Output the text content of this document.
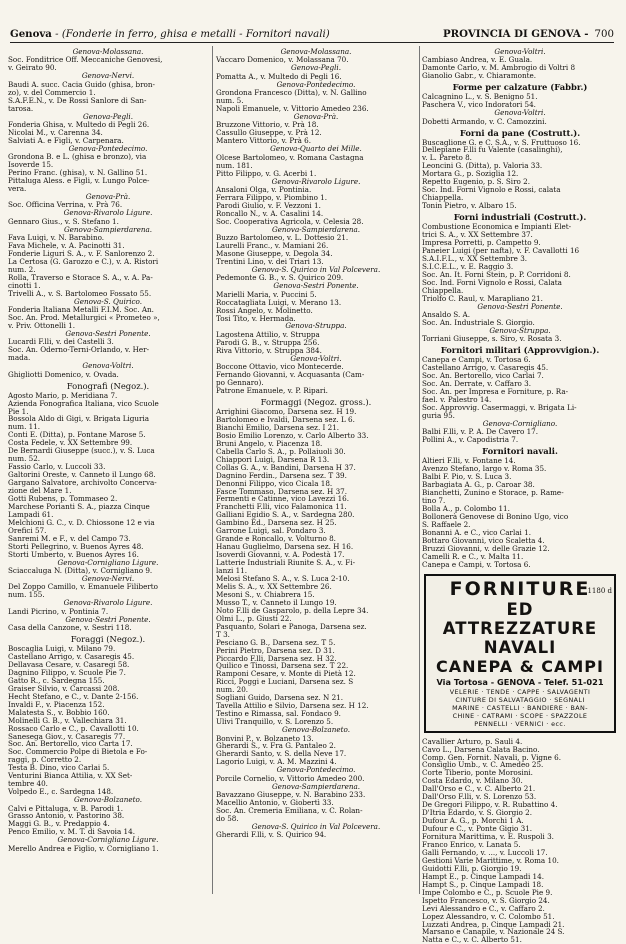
Genova - (Fonderie in ferro, ghisa e metalli - Fornitori navali)	PROVINCIA DI GENOVA - 700
Genova-Molassana.
Soc. Fonditrice Off. Meccaniche Genovesi,
v. Geirato 90.
Genova-Nervi.
Baudi A. succ. Cacia Guido (ghisa, bron-
zo), v. del Commercio 1.
S.A.F.E.N., v. De Rossi Sanlore di San-
tarosa.
Genova-Pegli.
Fonderia Ghisa, v. Multedo di Pegli 26.
Nicolai M., v. Carenna 34.
Salviati A. e Figli, v. Carpenara.
Genova-Pontedecimo.
Grondona B. e L. (ghisa e bronzo), via
Isoverde 15.
Perino Franc. (ghisa), v. N. Gallino 51.
Pittaluga Aless. e Figli, v. Lungo Polce-
vera.
Genova-Prà.
Soc. Officina Verrina, v. Prà 76.
Genova-Rivarolo Ligure.
Gennaro Gius., v. S. Stefano 1.
Genova-Sampierdarena.
Fava Luigi, v. N. Barabino.
Fava Michele, v. A. Pacinotti 31.
Fonderie Liguri S. A., v. F. Sanlorenzo 2.
La Certosa (G. Garozzo e C.), v. A. Ristori
num. 2.
Rolla, Traverso e Storace S. A., v. A. Pa-
cinotti 1.
Trivelli A., v. S. Bartolomeo Fossato 55.
Genova-S. Quirico.
Fonderia Italiana Metalli F.I.M. Soc. An.
Soc. An. Prod. Metallurgici « Prometeo »,
v. Priv. Ottonelli 1.
Genova-Sestri Ponente.
Lucardi F.lli, v. dei Castelli 3.
Soc. An. Oderno-Terni-Orlando, v. Her-
mada.
Genova-Voltri.
Ghigliotti Domenico, v. Ovada.
Fonografi (Negoz.).
Agosto Mario, p. Meridiana 7.
Azienda Fonografica Italiana, vico Scuole
Pie 1.
Bossola Aldo di Gigi, v. Brigata Liguria
num. 11.
Conti E. (Ditta), p. Fontane Marose 5.
Costa Fedele, v. XX Settembre 99.
De Bernardi Giuseppe (succ.), v. S. Luca
num. 52.
Fassio Carlo, v. Luccoli 33.
Galtorini Oreste, v. Canneto il Lungo 68.
Gargano Salvatore, archivolto Concerva-
zione del Mare 1.
Gotti Rubens, p. Tommaseo 2.
Marchese Porianti S. A., piazza Cinque
Lampadi 61.
Melchioni G. C., v. D. Chiossone 12 e via
Orefici 57.
Sanremi M. e F., v. del Campo 73.
Storti Pellegrino, v. Buenos Ayres 48.
Storti Umberto, v. Buenos Ayres 16.
Genova-Cornigliano Ligure.
Sciaccaluga N. (Ditta), v. Cornigliano 9.
Genova-Nervi.
Del Zoppo Camillo, v. Emanuele Filiberto
num. 155.
Genova-Rivarolo Ligure.
Landi Picrino, v. Pontinia 7.
Genova-Sestri Ponente.
Casa della Canzone, v. Sestri 118.
Foraggi (Negoz.).
Boscaglia Luigi, v. Milano 79.
Castellano Arrigo, v. Casaregis 45.
Dellavasa Cesare, v. Casaregi 58.
Dagnino Filippo, v. Scuole Pie 7.
Gatto R., c. Sardegna 155.
Graiser Silvio, v. Carcassi 208.
Hecht Stefano, e C., v. Dante 2-156.
Invaldi F., v. Piacenza 152.
Malatesta S., v. Bobbio 160.
Molinelli G. B., v. Vallechiara 31.
Rossaco Carlo e C., p. Cavallotti 10.
Sanesega Giov., v. Casaregis 77.
Soc. An. Bertorello, vico Carta 17.
Soc. Commercio Polpe di Bietola e Fo-
raggi, p. Corretto 2.
Testa B. Dino, vico Carlai 5.
Venturini Bianca Attilia, v. XX Set-
tembre 40.
Volpedo E., c. Sardegna 148.
Genova-Bolzaneto.
Calvi e Pittaluga, v. B. Parodi 1.
Grasso Antonio, v. Pastorino 38.
Maggi G. B., v. Predappio 4.
Penco Emilio, v. M. T. di Savoia 14.
Genova-Cornigliano Ligure.
Merello Andrea e Figlio, v. Cornigliano 1.
Genova-Molassana.
Vaccaro Domenico, v. Molassana 70.
Genova-Pegli.
Pomatta A., v. Multedo di Pegli 16.
Genova-Pontedecimo.
Grondona Francesco (Ditta), v. N. Gallino
num. 5.
Napoli Emanuele, v. Vittorio Amedeo 236.
Genova-Prà.
Bruzzone Vittorio, v. Prà 18.
Cassullo Giuseppe, v. Prà 12.
Mantero Vittorio, v. Prà 6.
Genova-Quarto dei Mille.
Olcese Bartolomeo, v. Romana Castagna
num. 181.
Pitto Filippo, v. G. Acerbi 1.
Genova-Rivarolo Ligure.
Ansaloni Olga, v. Pontinia.
Ferrara Filippo, v. Piombino 1.
Parodi Giulio, v. F. Vezzoni 1.
Roncallo N., v. A. Casalini 14.
Soc. Cooperativa Agricola, v. Celesia 28.
Genova-Sampierdarena.
Buzzo Bartolomeo, v. L. Dottesio 21.
Laurelli Franc., v. Mamiani 26.
Masone Giuseppe, v. Degola 34.
Trentini Lino, v. dei Triari 13.
Genova-S. Quirico in Val Polcevera.
Pedemonte G. B., v. S. Quirico 209.
Genova-Sestri Ponente.
Marielli Maria, v. Puccini 5.
Roccatagliata Luigi, v. Merano 13.
Rossi Angelo, v. Molinetto.
Tosi Tito, v. Hermada.
Genova-Struppa.
Lagostena Attilio, v. Struppa
Parodi G. B., v. Struppa 256.
Riva Vittorio, v. Struppa 384.
Genova-Voltri.
Boccone Ottavio, vico Montecerde.
Fernando Giovanni, v. Acquasanta (Cam-
po Gennaro).
Patrone Emanuele, v. P. Ripari.
Formaggi (Negoz. gross.).
Arrighini Giacomo, Darsena sez. H 19.
Bartolomeo e Ivaldi, Darsena sez. L 6.
Bianchi Emilio, Darsena sez. I 21.
Bosio Emilio Lorenzo, v. Carlo Alberto 33.
Bruni Angelo, v. Piacenza 18.
Cabella Carlo S. A., p. Pollaiuoli 30.
Chiappori Luigi, Darsena R 13.
Collas G. A., v. Bandini, Darsena H 37.
Dagnino Ferdin., Darsena sez. T 39.
Denonni Filippo, vico Cicala 18.
Fasce Tommaso, Darsena sez. H 37.
Fermenti e Catinne, vico Lavezzi 16.
Franchetti F.lli, vico Falamonica 11.
Galliani Egidio S. A., v. Sardegna 280.
Gambino Ed., Darsena sez. H 25.
Garrone Luigi, sal. Pondaro 3.
Grande e Roncallo, v. Volturno 8.
Hanau Guglielmo, Darsena sez. H 16.
Isoverdi Giovanni, v. A. Podestà 17.
Latterie Industriali Riunite S. A., v. Fi-
lanzi 11.
Melosi Stefano S. A., v. S. Luca 2-10.
Melis S. A., v. XX Settembre 26.
Mesoni S., v. Chiabrera 15.
Musso T., v. Canneto il Lungo 19.
Noto F.lli de Gasparolo, p. della Lepre 34.
Olmi L., p. Giusti 22.
Pasquanto, Solari e Panoga, Darsena sez.
T 3.
Pesciano G. B., Darsena sez. T 5.
Perini Pietro, Darsena sez. D 31.
Piccardo F.lli, Darsena sez. H 32.
Quilico e Tinossi, Darsena sez. T 22.
Ramponi Cesare, v. Monte di Pietà 12.
Ricci, Poggi e Luciani, Darsena sez. S
num. 20.
Sogliani Guido, Darsena sez. N 21.
Tavella Attilio e Silvio, Darsena sez. H 12.
Testino e Rimassa, sal. Fondaco 9.
Ulivi Tranquillo, v. S. Lorenzo 5.
Genova-Bolzaneto.
Bonvini P., v. Bolzaneto 13.
Gherardi S., v. Fra G. Pantaleo 2.
Gherardi Santo, v. S. della Neve 17.
Lagorio Luigi, v. A. M. Mazzini 4.
Genova-Pontedecimo.
Porcile Cornelio, v. Vittorio Amedeo 200.
Genova-Sampierdarena.
Bavazzano Giuseppe, v. N. Barabino 233.
Macellio Antonio, v. Giobertì 33.
Soc. An. Cremeria Emiliana, v. C. Rolan-
do 58.
Genova-S. Quirico in Val Polcevera.
Gherardi F.lli, v. S. Quirico 94.
Genova-Voltri.
Cambiaso Andrea, v. E. Guala.
Damonte Carlo, v. M. Ambrogio di Voltri 8
Gianolio Gabr., v. Chiaramonte.
Forme per calzature (Fabbr.)
Calcagnino L., v. S. Benigno 51.
Paschera V., vico Indoratori 54.
Genova-Voltri.
Dobetti Armando, v. C. Camozzini.
Forni da pane (Costrutt.).
Buscaglione G. e C. S.A., v. S. Fruttuoso 16.
Dellepiane F.lli fu Valente (casalinghi),
v. L. Pareto 8.
Leoncini G. (Ditta), p. Valoria 33.
Mortara G., p. Soziglia 12.
Repetto Eugenio, p. S. Siro 2.
Soc. Ind. Forni Vignolo e Rossi, calata
Chiappella.
Tonin Pietro, v. Albaro 15.
Forni industriali (Costrutt.).
Combustione Economica e Impianti Elet-
trici S. A., v. XX Settembre 37.
Impresa Porretti, p. Campetto 9.
Paneier Luigi (per nafta), v. F. Cavallotti 16
S.A.I.F.L., v. XX Settembre 3.
S.I.C.E.L., v. E. Raggio 3.
Soc. An. It. Forni Stein, p. P. Corridoni 8.
Soc. Ind. Forni Vignolo e Rossi, Calata
Chiappella.
Triolfo C. Raul, v. Marapliano 21.
Genova-Sestri Ponente.
Ansaldo S. A.
Soc. An. Industriale S. Giorgio.
Genova-Struppa.
Torriani Giuseppe, s. Siro, v. Rosata 3.
Fornitori militari (Approvvigion.).
Canepa e Campi, v. Tortosa 6.
Castellano Arrigo, v. Casaregis 45.
Soc. An. Bertorello, vico Carlai 7.
Soc. An. Derrate, v. Caffaro 3.
Soc. An. per Impresa e Forniture, p. Ra-
fael. v. Palestro 14.
Soc. Approvvig. Casermaggi, v. Brigata Li-
guria 95.
Genova-Cornigliano.
Balbi F.lli, v. P. A. De Cavero 17.
Pollini A., v. Capodistria 7.
Fornitori navali.
Altieri F.lli, v. Fontane 14.
Avenzo Stefano, largo v. Roma 35.
Balbi F. Pio, v. S. Luca 3.
Barbagiata A. G., p. Caroar 38.
Bianchetti, Zunino e Storace, p. Rame-
tino 7.
Bolla A., p. Colombo 11.
Bollonerà Genovese di Bonino Ugo, vico
S. Raffaele 2.
Bonanni A. e C., vico Carlai 1.
Bottaro Giovanni, vico Scaletta 4.
Bruzzi Giovanni, v. delle Grazie 12.
Camelli R. e C., v. Malta 11.
Canepa e Campi, v. Tortosa 6.
FORNITURE
1180 d
ED ATTREZZATURE NAVALI
CANEPA & CAMPI
Via Tortosa - GENOVA - Telef. 51-021
VELERIE · TENDE · CAPPE · SALVAGENTI
CINTURE DI SALVATAGGIO · SEGNALI
MARINE · CASTELLI · BANDIERE · BAN-
CHINE · CATRAMI · SCOPE · SPAZZOLE
PENNELLI · VERNICI · ecc.
Cavallier Arturo, p. Sauli 4.
Cavo L., Darsena Calata Bacino.
Comp. Gen. Fornit. Navali, p. Vigne 6.
Consiglio Umb., v. C. Amedeo 25.
Corte Tiberio, ponte Morosini.
Costa Edardo, v. Milano 30.
Dall'Orso e C., v. C. Alberto 21.
Dall'Orso F.lli, v. S. Lorenzo 53.
De Gregori Filippo, v. R. Rubattino 4.
D'Itria Edardo, v. S. Giorgio 2.
Dufour A. G., p. Morchi 1 A.
Dufour e C., v. Ponte Gigio 31.
Fornitura Marittima, v. E. Ruspoli 3.
Franco Enrico, v. Lanata 5.
Galli Fernando, v. ..., v. Luccoli 17.
Gestioni Varie Marittime, v. Roma 10.
Guidotti F.lli, p. Giorgio 19.
Hampt E., p. Cinque Lampadi 14.
Hampt S., p. Cinque Lampadi 18.
Impe Colombo e C., p. Scuole Pie 9.
Ispetto Francesco, v. S. Giorgio 24.
Levi Alessandro e C., v. Caffaro 2.
Lopez Alessandro, v. C. Colombo 51.
Luzzati Andrea, p. Cinque Lampadi 21.
Marsano e Canapile, v. Nazionale 24 S.
Natta e C., v. C. Alberto 51.
